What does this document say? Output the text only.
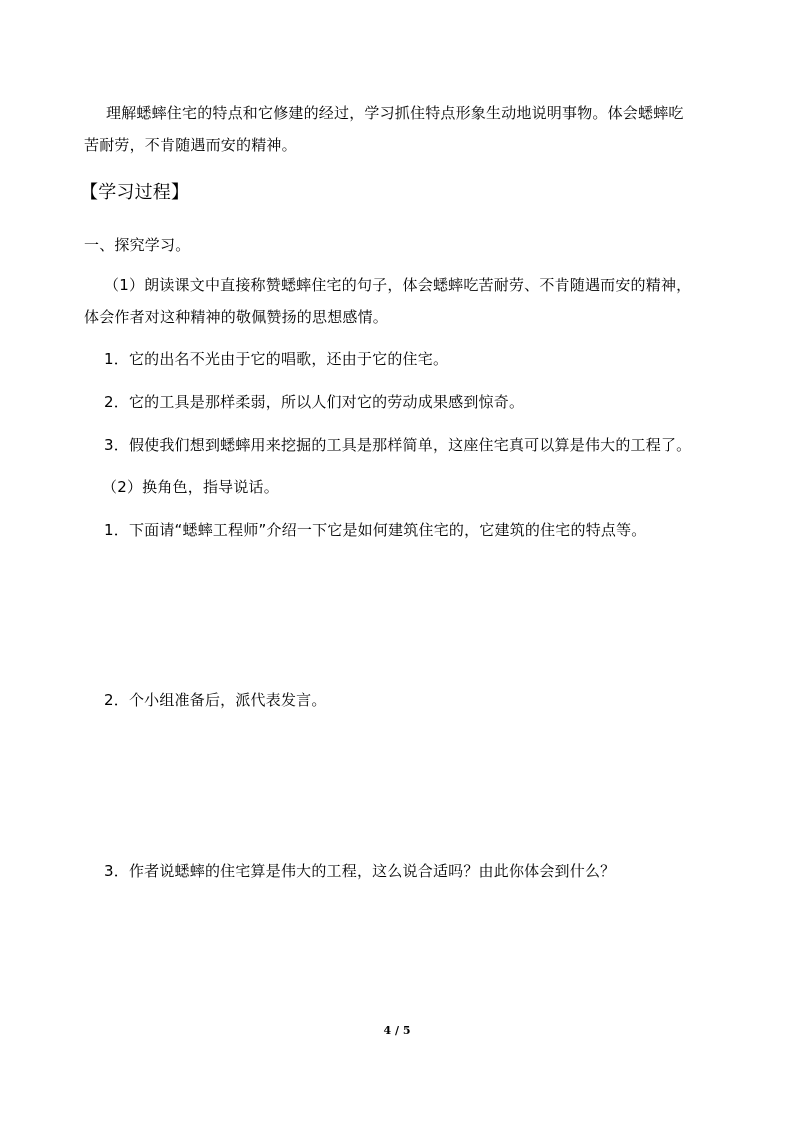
理解蟋蟀住宅的特点和它修建的经过，学习抓住特点形象生动地说明事物。体会蟋蟀吃
苦耐劳，不肯随遇而安的精神。
【学习过程】
一、探究学习。
（1）朗读课文中直接称赞蟋蟀住宅的句子，体会蟋蟀吃苦耐劳、不肯随遇而安的精神，
体会作者对这种精神的敬佩赞扬的思想感情。
1．它的出名不光由于它的唱歌，还由于它的住宅。
2．它的工具是那样柔弱，所以人们对它的劳动成果感到惊奇。
3．假使我们想到蟋蟀用来挖掘的工具是那样简单，这座住宅真可以算是伟大的工程了。
（2）换角色，指导说话。
1．下面请“蟋蟀工程师”介绍一下它是如何建筑住宅的，它建筑的住宅的特点等。
2．个小组准备后，派代表发言。
3．作者说蟋蟀的住宅算是伟大的工程，这么说合适吗？由此你体会到什么？
4 / 5
